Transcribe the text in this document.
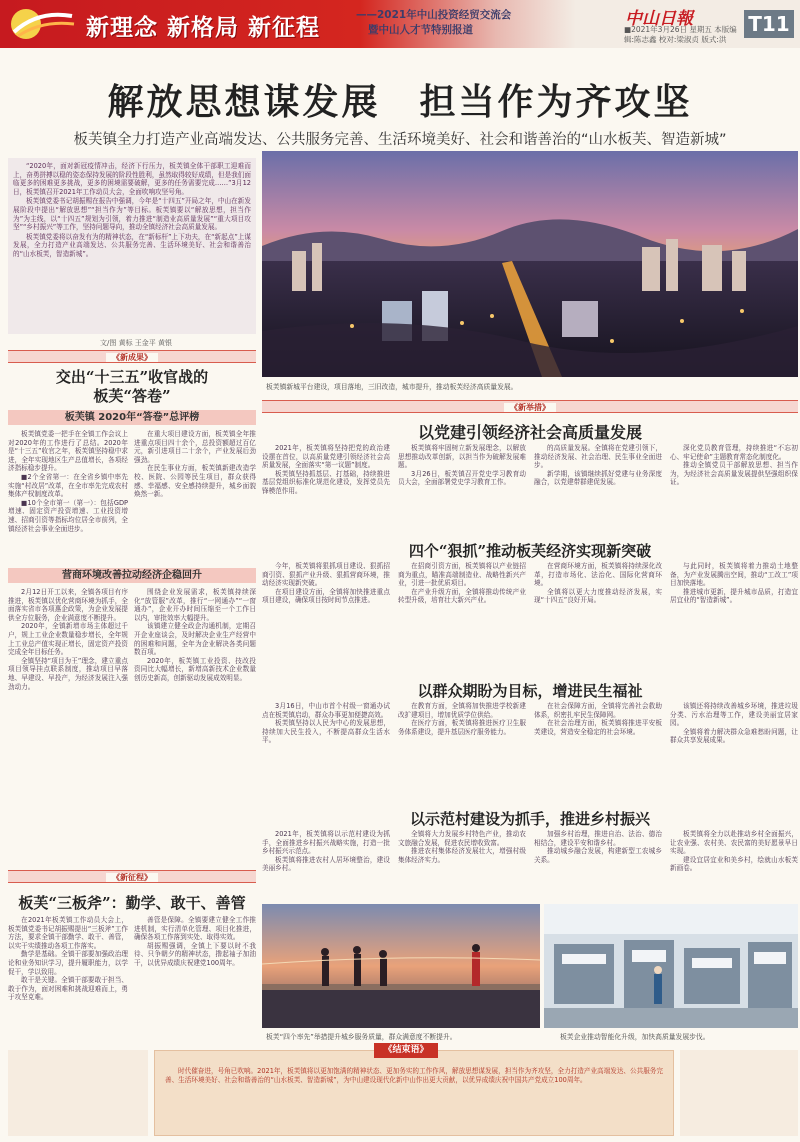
新理念 新格局 新征程	——2021年中山投资经贸交流会
暨中山人才节特别报道
中山日報
■2021年3月26日 星期五 本版编辑:陈志鑫 校对:梁淑贞 版式:洪
T11
解放思想谋发展　担当作为齐攻坚
板芙镇全力打造产业高端发达、公共服务完善、生活环境美好、社会和谐善治的“山水板芙、智造新城”

“2020年，面对新冠疫情冲击，经济下行压力，板芙镇全体干部职工迎难而上，奋勇拼搏以稳的姿态保持发展的阶段性胜利，虽然取得较好成绩，但是我们面临更多的困难更多挑战，更多的困境需要破解，更多的任务需要完成……”3月12日，板芙镇召开2021年工作动员大会，全面吹响攻坚号角。

板芙镇党委书记胡振赐在报告中强调，今年是“十四五”开局之年，中山在新发展阶段中提出“解放思想”“担当作为”等目标。板芙镇要以“解放思想，担当作为”为主线，以“十四五”规划为引领，着力推进“制造业高质量发展”“重大项目攻坚”“乡村振兴”等工作，坚持问题导向，推动全镇经济社会高质量发展。

板芙镇党委将以奋发有为的精神状态，在“新标杆”上下功夫，在“新起点”上谋发展，全力打造产业高端发达、公共服务完善、生活环境美好、社会和谐善治的“山水板芙，智造新城”。

文/图 黄标 王金平 黄银
板芙镇新城平台建设，项目落地，三旧改造，城市提升，推动板芙经济高质量发展。
《新成果》
交出“十三五”收官战的
板芙“答卷”
板芙镇 2020年“答卷”总评榜

板芙镇党委一把手在全镇工作会议上对2020年的工作进行了总结。2020年是“十三五”收官之年，板芙镇坚持稳中求进，全年实现地区生产总值增长，各项经济指标稳步提升。

■2个全省第一：在全省乡镇中率先实施“村改居”改革，在全市率先完成农村集体产权制度改革。

■10个全市第一（第一）：包括GDP增速、固定资产投资增速、工业投资增速、招商引资等指标均位居全市前列，全镇经济社会事业全面进步。

在重大项目建设方面，板芙镇全年推进重点项目四十余个，总投资额超过百亿元，新引进项目二十余个，产业发展后劲强劲。

在民生事业方面，板芙镇新建改造学校、医院、公园等民生项目，群众获得感、幸福感、安全感持续提升，城乡面貌焕然一新。

营商环境改善拉动经济企稳回升

2月12日开工以来，全镇各项目有序推进，板芙镇以优化营商环境为抓手，全面落实省市各项惠企政策，为企业发展提供全方位服务，企业满意度不断提升。

2020年，全镇新增市场主体超过千户，规上工业企业数量稳步增长，全年规上工业总产值实现正增长，固定资产投资完成全年目标任务。

全镇坚持“项目为王”理念，建立重点项目领导挂点联系制度，推动项目早落地、早建设、早投产，为经济发展注入强劲动力。

围绕企业发展需求，板芙镇持续深化“放管服”改革，推行“一网通办”“一窗通办”，企业开办时间压缩至一个工作日以内，审批效率大幅提升。

该镇建立健全政企沟通机制，定期召开企业座谈会，及时解决企业生产经营中的困难和问题，全年为企业解决各类问题数百项。

2020年，板芙镇工业投资、技改投资同比大幅增长，新增高新技术企业数量创历史新高，创新驱动发展成效明显。

《新征程》
板芙“三板斧”：勤学、敢干、善管

在2021年板芙镇工作动员大会上，板芙镇党委书记胡振赐提出“三板斧”工作方法，要求全镇干部勤学、敢干、善管，以实干实绩推动各项工作落实。

勤学是基础。全镇干部要加强政治理论和业务知识学习，提升履职能力，以学促干，学以致用。

敢干是关键。全镇干部要敢于担当、敢于作为，面对困难和挑战迎难而上，勇于攻坚克难。

善管是保障。全镇要建立健全工作推进机制，实行清单化管理、项目化推进，确保各项工作落到实处、取得实效。

胡振赐强调，全镇上下要以时不我待、只争朝夕的精神状态，撸起袖子加油干，以优异成绩庆祝建党100周年。

《新举措》
以党建引领经济社会高质量发展

2021年，板芙镇将坚持把党的政治建设摆在首位，以高质量党建引领经济社会高质量发展，全面落实“第一议题”制度。

板芙镇坚持抓基层、打基础，持续推进基层党组织标准化规范化建设，发挥党员先锋模范作用。

板芙镇将牢固树立新发展理念，以解放思想推动改革创新，以担当作为破解发展难题。

3月26日，板芙镇召开党史学习教育动员大会，全面部署党史学习教育工作。

的高质量发展。全镇将在党建引领下，推动经济发展、社会治理、民生事业全面进步。

新学期，该镇继续抓好党建与业务深度融合，以党建带群建促发展。

深化党员教育管理，持续推进“不忘初心、牢记使命”主题教育常态化制度化。

推动全镇党员干部解放思想、担当作为，为经济社会高质量发展提供坚强组织保证。

四个“狠抓”推动板芙经济实现新突破

今年，板芙镇将狠抓项目建设、狠抓招商引资、狠抓产业升级、狠抓营商环境，推动经济实现新突破。

在项目建设方面，全镇将加快推进重点项目建设，确保项目按时间节点推进。

在招商引资方面，板芙镇将以产业链招商为重点，瞄准高端制造业、战略性新兴产业，引进一批优质项目。

在产业升级方面，全镇将推动传统产业转型升级，培育壮大新兴产业。

在营商环境方面，板芙镇将持续深化改革，打造市场化、法治化、国际化营商环境。

全镇将以更大力度推动经济发展，实现“十四五”良好开局。

与此同时，板芙镇将着力推动土地整备，为产业发展腾出空间，推动“工改工”项目加快落地。

推进城市更新，提升城市品质，打造宜居宜业的“智造新城”。

以群众期盼为目标，增进民生福祉

3月16日，中山市首个村级一窗通办试点在板芙镇启动，群众办事更加便捷高效。

板芙镇坚持以人民为中心的发展思想，持续加大民生投入，不断提高群众生活水平。

在教育方面，全镇将加快推进学校新建改扩建项目，增加优质学位供给。

在医疗方面，板芙镇将推进医疗卫生服务体系建设，提升基层医疗服务能力。

在社会保障方面，全镇将完善社会救助体系，织密扎牢民生保障网。

在社会治理方面，板芙镇将推进平安板芙建设，营造安全稳定的社会环境。

该镇还将持续改善城乡环境，推进垃圾分类、污水治理等工作，建设美丽宜居家园。

全镇将着力解决群众急难愁盼问题，让群众共享发展成果。

以示范村建设为抓手，推进乡村振兴

2021年，板芙镇将以示范村建设为抓手，全面推进乡村振兴战略实施，打造一批乡村振兴示范点。

板芙镇将推进农村人居环境整治，建设美丽乡村。

全镇将大力发展乡村特色产业，推动农文旅融合发展，促进农民增收致富。

推进农村集体经济发展壮大，增强村级集体经济实力。

加强乡村治理，推进自治、法治、德治相结合，建设平安和谐乡村。

推动城乡融合发展，构建新型工农城乡关系。

板芙镇将全力以赴推动乡村全面振兴，让农业强、农村美、农民富的美好愿景早日实现。

建设宜居宜业和美乡村，绘就山水板芙新画卷。

板芙“四个率先”举措提升城乡服务质量，群众满意度不断提升。	板芙企业推动智能化升级，加快高质量发展步伐。

时代催奋进，号角已吹响。2021年，板芙镇将以更加饱满的精神状态、更加务实的工作作风，解放思想谋发展，担当作为齐攻坚，全力打造产业高端发达、公共服务完善、生活环境美好、社会和谐善治的“山水板芙、智造新城”，为中山建设现代化新中山作出更大贡献，以优异成绩庆祝中国共产党成立100周年。

《结束语》
